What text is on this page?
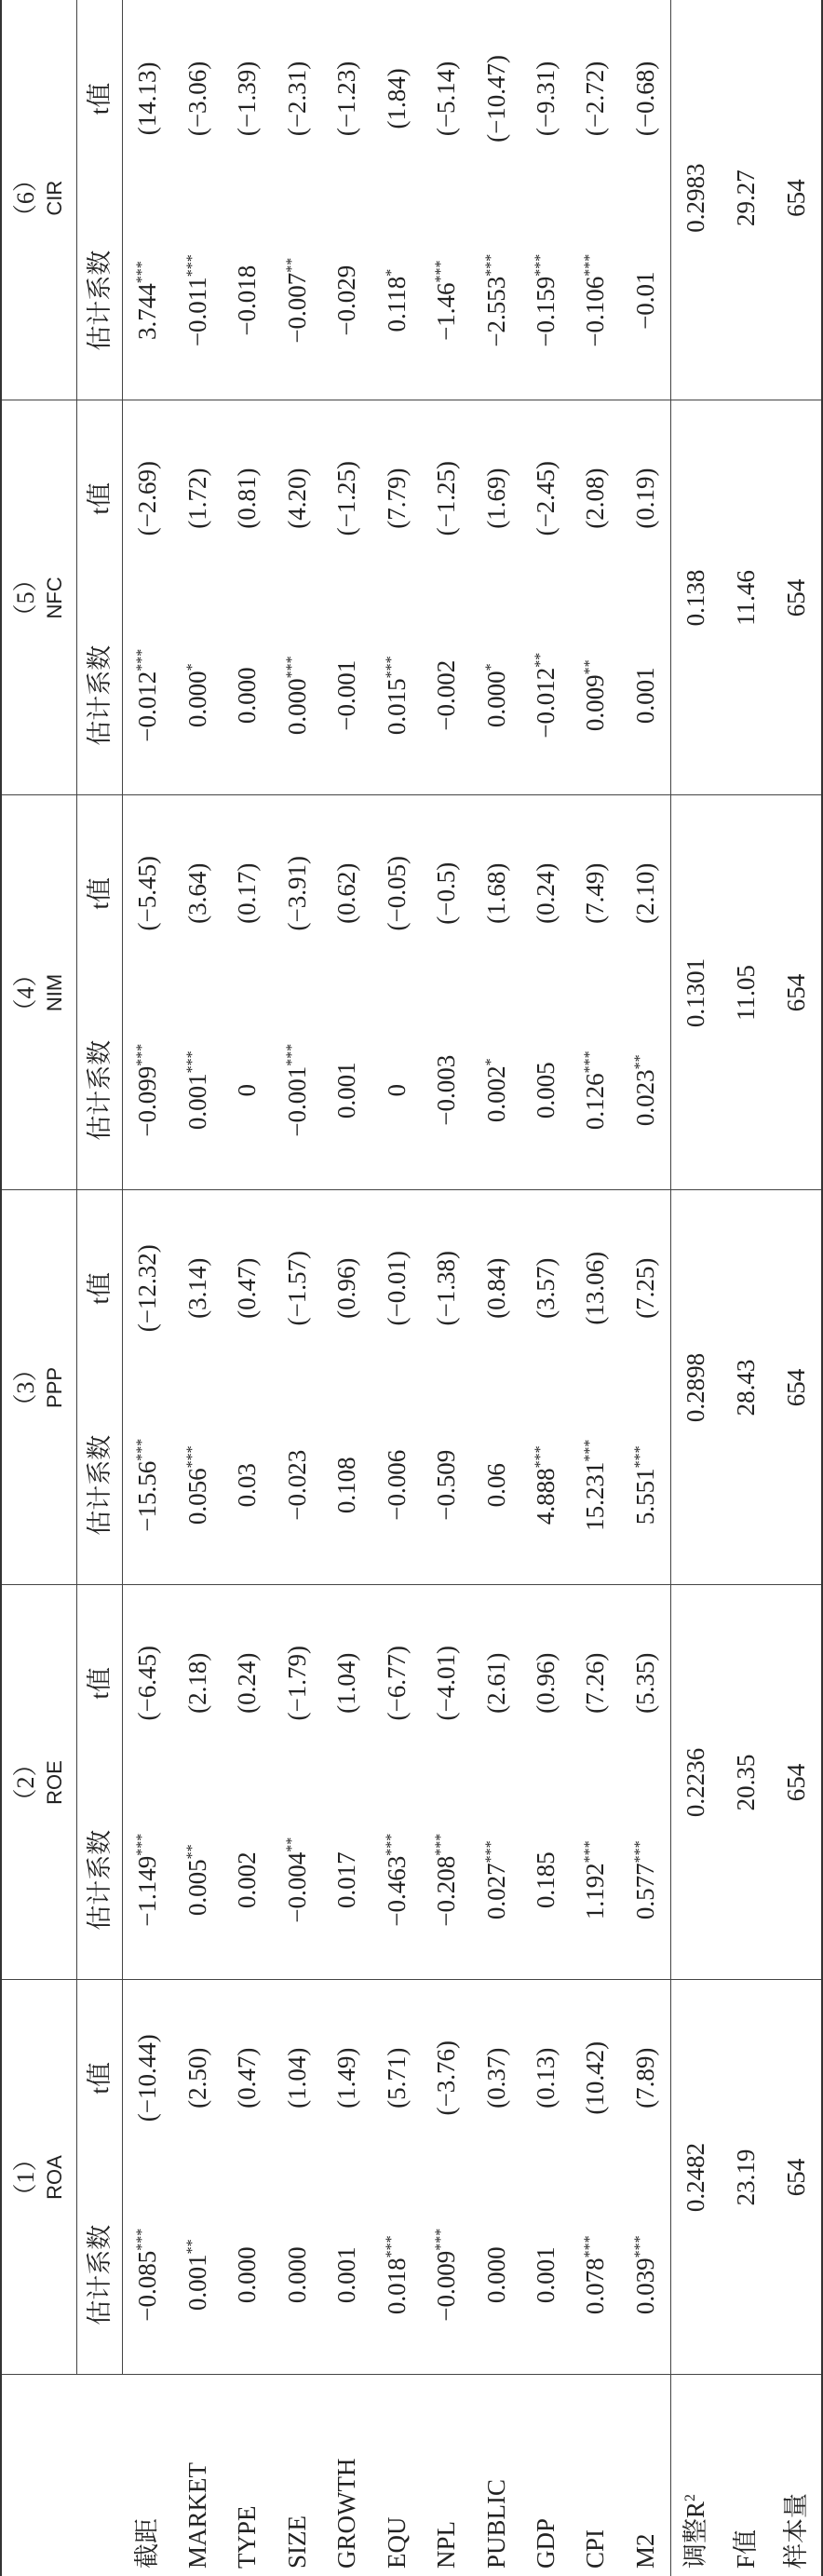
	（1） ROA		（2） ROE		（3） PPP		（4） NIM		（5） NFC		（6） CIR	
	估计系数	t值	估计系数	t值	估计系数	t值	估计系数	t值	估计系数	t值	估计系数	t值
截距	−0.085***	(−10.44)	−1.149***	(−6.45)	−15.56***	(−12.32)	−0.099***	(−5.45)	−0.012***	(−2.69)	3.744***	(14.13)
MARKET	0.001**	(2.50)	0.005**	(2.18)	0.056***	(3.14)	0.001***	(3.64)	0.000*	(1.72)	−0.011***	(−3.06)
TYPE	0.000	(0.47)	0.002	(0.24)	0.03	(0.47)	0	(0.17)	0.000	(0.81)	−0.018	(−1.39)
SIZE	0.000	(1.04)	−0.004**	(−1.79)	−0.023	(−1.57)	−0.001***	(−3.91)	0.000***	(4.20)	−0.007**	(−2.31)
GROWTH	0.001	(1.49)	0.017	(1.04)	0.108	(0.96)	0.001	(0.62)	−0.001	(−1.25)	−0.029	(−1.23)
EQU	0.018***	(5.71)	−0.463***	(−6.77)	−0.006	(−0.01)	0	(−0.05)	0.015***	(7.79)	0.118*	(1.84)
NPL	−0.009***	(−3.76)	−0.208***	(−4.01)	−0.509	(−1.38)	−0.003	(−0.5)	−0.002	(−1.25)	−1.46***	(−5.14)
PUBLIC	0.000	(0.37)	0.027***	(2.61)	0.06	(0.84)	0.002*	(1.68)	0.000*	(1.69)	−2.553***	(−10.47)
GDP	0.001	(0.13)	0.185	(0.96)	4.888***	(3.57)	0.005	(0.24)	−0.012**	(−2.45)	−0.159***	(−9.31)
CPI	0.078***	(10.42)	1.192***	(7.26)	15.231***	(13.06)	0.126***	(7.49)	0.009**	(2.08)	−0.106***	(−2.72)
M2	0.039***	(7.89)	0.577***	(5.35)	5.551***	(7.25)	0.023**	(2.10)	0.001	(0.19)	−0.01	(−0.68)
调整$R^2$	0.2482		0.2236		0.2898		0.1301		0.138		0.2983	
F值	23.19		20.35		28.43		11.05		11.46		29.27	
样本量	654		654		654		654		654		654	
